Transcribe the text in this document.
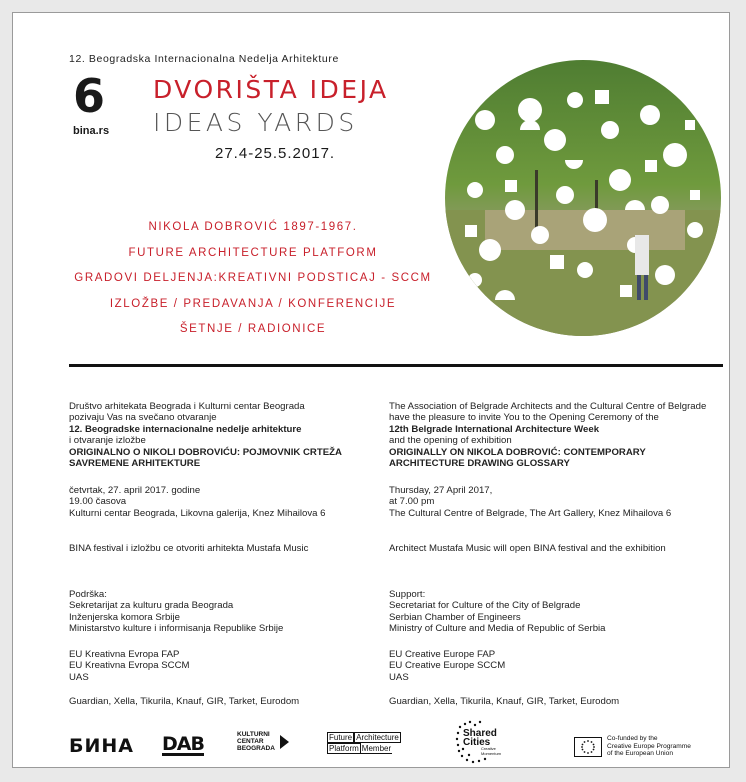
12. Beogradska Internacionalna Nedelja Arhitekture
6
bina.rs
DVORIŠTA IDEJA
IDEAS YARDS
27.4-25.5.2017.
NIKOLA DOBROVIĆ 1897-1967.
FUTURE ARCHITECTURE PLATFORM
GRADOVI DELJENJA:KREATIVNI PODSTICAJ - SCCM
IZLOŽBE / PREDAVANJA / KONFERENCIJE
ŠETNJE / RADIONICE
Društvo arhitekata Beograda i Kulturni centar Beograda
pozivaju Vas na svečano otvaranje
12. Beogradske internacionalne nedelje arhitekture
i otvaranje izložbe
ORIGINALNO O NIKOLI DOBROVIĆU: POJMOVNIK CRTEŽA
SAVREMENE ARHITEKTURE
četvrtak, 27. april 2017. godine
19.00 časova
Kulturni centar Beograda, Likovna galerija, Knez Mihailova 6
BINA festival i izložbu ce otvoriti arhitekta Mustafa Music
Podrška:
Sekretarijat za kulturu grada Beograda
Inženjerska komora Srbije
Ministarstvo kulture i informisanja Republike Srbije
EU Kreativna Evropa FAP
EU Kreativna Evropa SCCM
UAS
Guardian, Xella, Tikurila, Knauf, GIR, Tarket, Eurodom
The Association of Belgrade Architects and the Cultural Centre of Belgrade
have the pleasure to invite You to the Opening Ceremony of the
12th Belgrade International Architecture Week
and the opening of exhibition
ORIGINALLY ON NIKOLA DOBROVIĆ: CONTEMPORARY
ARCHITECTURE DRAWING GLOSSARY
Thursday, 27 April 2017,
at 7.00 pm
The Cultural Centre of Belgrade, The Art Gallery, Knez Mihailova 6
Architect Mustafa Music will open BINA festival and the exhibition
Support:
Secretariat for Culture of the City of Belgrade
Serbian Chamber of Engineers
Ministry of Culture and Media of Republic of Serbia
EU Creative Europe FAP
EU Creative Europe SCCM
UAS
Guardian, Xella, Tikurila, Knauf, GIR, Tarket, Eurodom
БИНА DAB	KULTURNI
CENTAR
BEOGRADA
Future Architecture
Platform Member
Shared
Cities
Creative
Momentum
Co-funded by the
Creative Europe Programme
of the European Union
